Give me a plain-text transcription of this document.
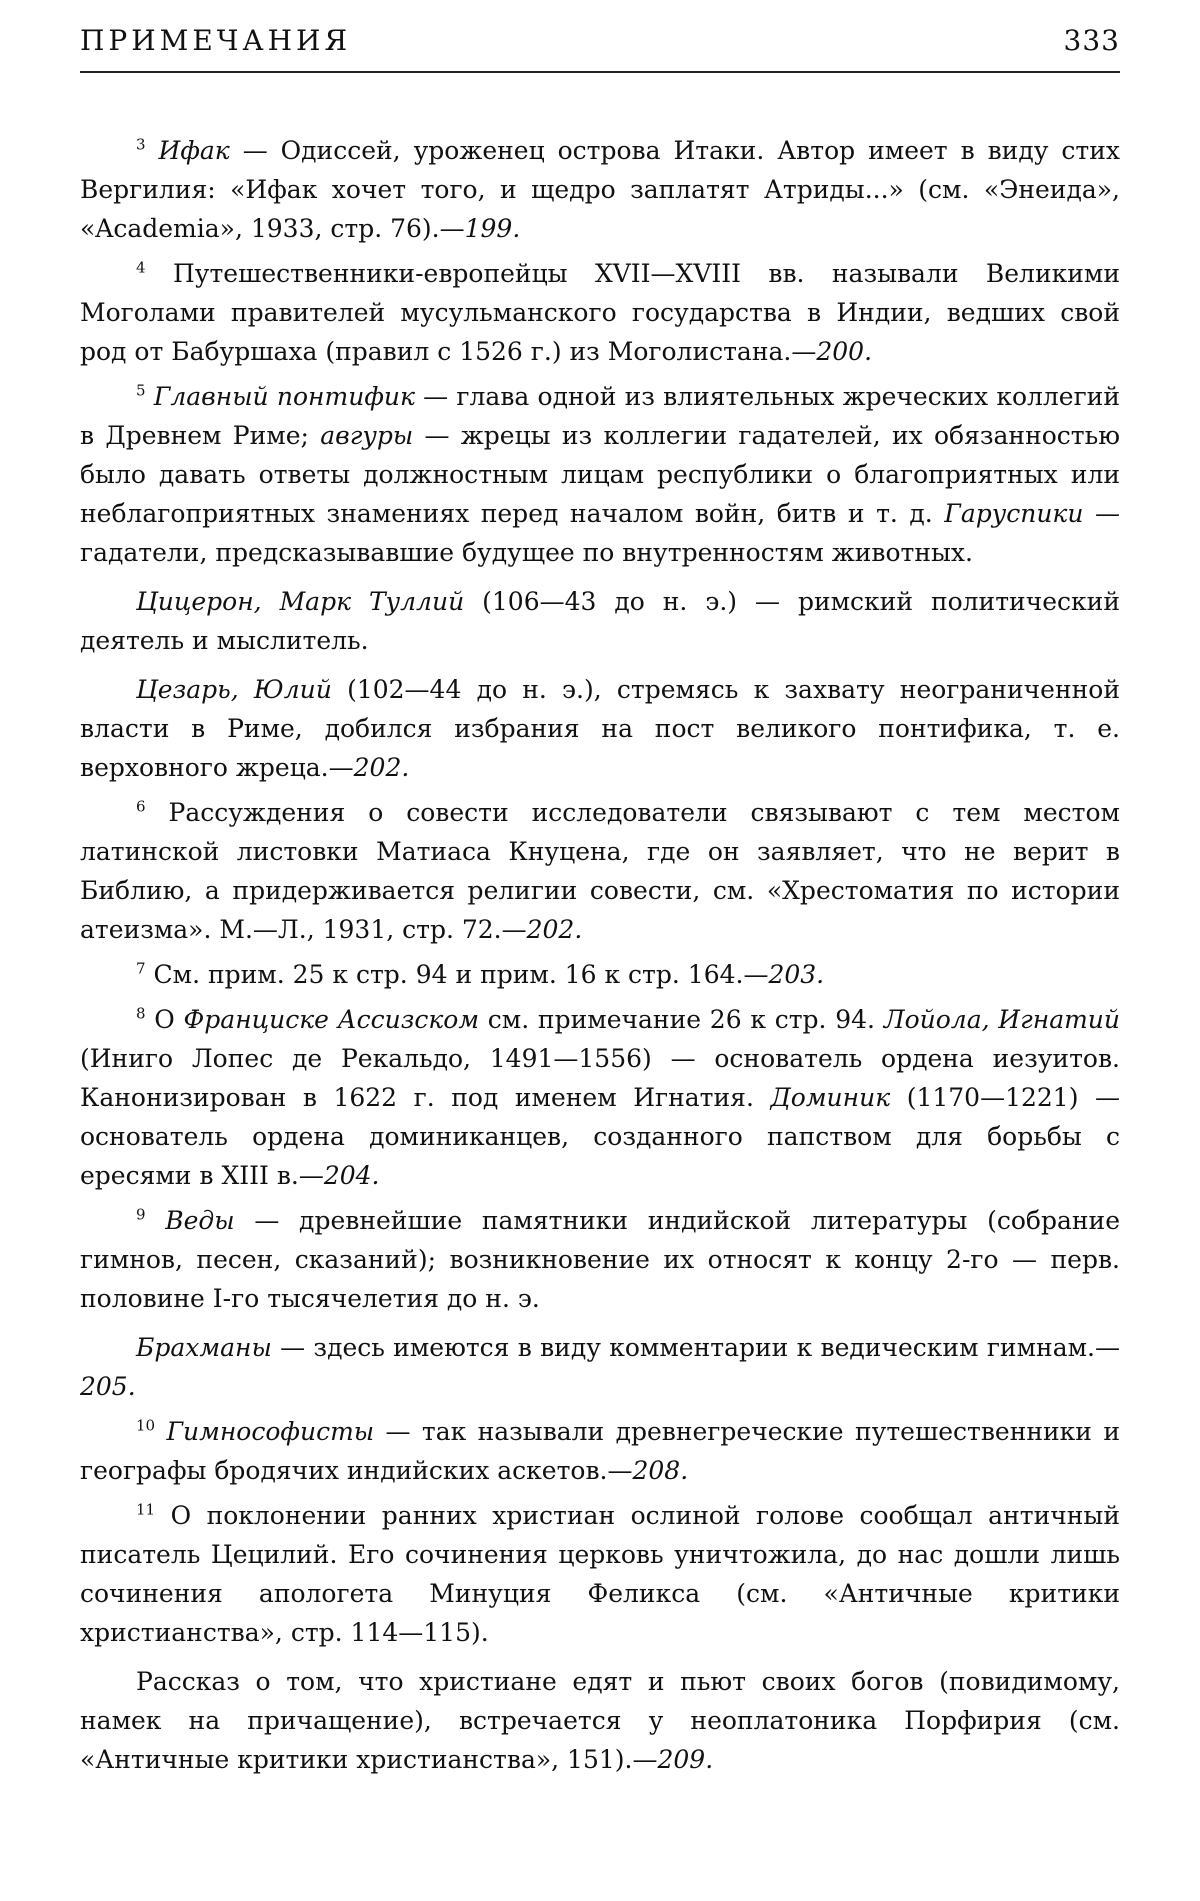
ПРИМЕЧАНИЯ	333

$^3$ Ифак — Одиссей, уроженец острова Итаки. Автор имеет в виду стих Вергилия: «Ифак хочет того, и щедро заплатят Атриды...» (см. «Энеида», «Academia», 1933, стр. 76).—199.

$^4$ Путешественники-европейцы XVII—XVIII вв. называли Великими Моголами правителей мусульманского государства в Индии, ведших свой род от Бабуршаха (правил с 1526 г.) из Моголистана.—200.

$^5$ Главный понтифик — глава одной из влиятельных жреческих коллегий в Древнем Риме; авгуры — жрецы из коллегии гадателей, их обязанностью было давать ответы должностным лицам республики о благоприятных или неблагоприятных знамениях перед началом войн, битв и т. д. Гаруспики — гадатели, предсказывавшие будущее по внутренностям животных.

Цицерон, Марк Туллий (106—43 до н. э.) — римский политический деятель и мыслитель.

Цезарь, Юлий (102—44 до н. э.), стремясь к захвату неограниченной власти в Риме, добился избрания на пост великого понтифика, т. е. верховного жреца.—202.

$^6$ Рассуждения о совести исследователи связывают с тем местом латинской листовки Матиаса Кнуцена, где он заявляет, что не верит в Библию, а придерживается религии совести, см. «Хрестоматия по истории атеизма». М.—Л., 1931, стр. 72.—202.

$^7$ См. прим. 25 к стр. 94 и прим. 16 к стр. 164.—203.

$^8$ О Франциске Ассизском см. примечание 26 к стр. 94. Лойола, Игнатий (Иниго Лопес де Рекальдо, 1491—1556) — основатель ордена иезуитов. Канонизирован в 1622 г. под именем Игнатия. Доминик (1170—1221) — основатель ордена доминиканцев, созданного папством для борьбы с ересями в XIII в.—204.

$^9$ Веды — древнейшие памятники индийской литературы (собрание гимнов, песен, сказаний); возникновение их относят к концу 2-го — перв. половине I-го тысячелетия до н. э.

Брахманы — здесь имеются в виду комментарии к ведическим гимнам.—205.

$^{10}$ Гимнософисты — так называли древнегреческие путешественники и географы бродячих индийских аскетов.—208.

$^{11}$ О поклонении ранних христиан ослиной голове сообщал античный писатель Цецилий. Его сочинения церковь уничтожила, до нас дошли лишь сочинения апологета Минуция Феликса (см. «Античные критики христианства», стр. 114—115).

Рассказ о том, что христиане едят и пьют своих богов (повидимому, намек на причащение), встречается у неоплатоника Порфирия (см. «Античные критики христианства», 151).—209.
